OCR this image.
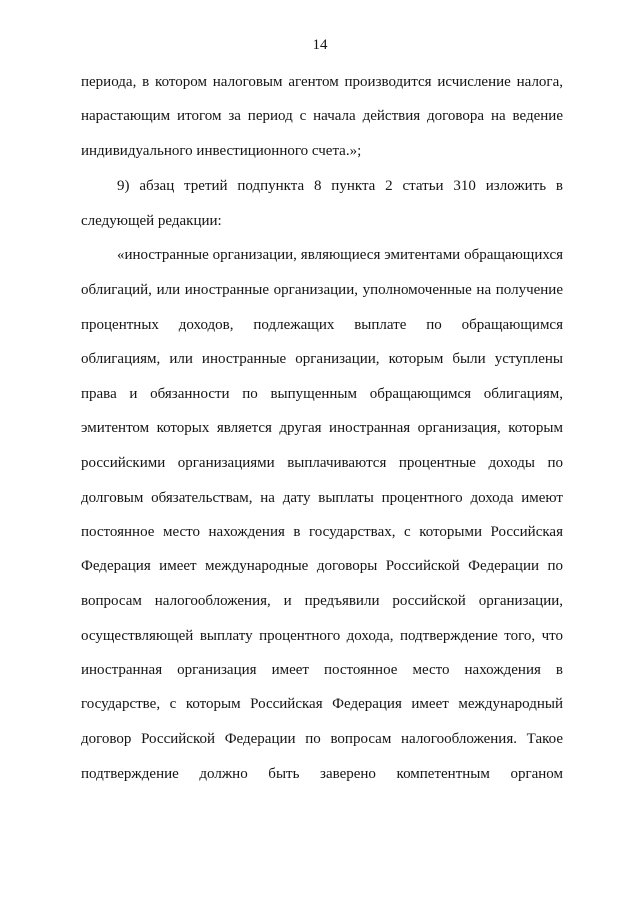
14
периода, в котором налоговым агентом производится исчисление налога,
нарастающим итогом за период с начала действия договора на ведение
индивидуального инвестиционного счета.»;
9) абзац третий подпункта 8 пункта 2 статьи 310 изложить в
следующей редакции:
«иностранные организации, являющиеся эмитентами обращающихся
облигаций, или иностранные организации, уполномоченные на получение
процентных доходов, подлежащих выплате по обращающимся
облигациям, или иностранные организации, которым были уступлены
права и обязанности по выпущенным обращающимся облигациям,
эмитентом которых является другая иностранная организация, которым
российскими организациями выплачиваются процентные доходы по
долговым обязательствам, на дату выплаты процентного дохода имеют
постоянное место нахождения в государствах, с которыми Российская
Федерация имеет международные договоры Российской Федерации по
вопросам налогообложения, и предъявили российской организации,
осуществляющей выплату процентного дохода, подтверждение того, что
иностранная организация имеет постоянное место нахождения в
государстве, с которым Российская Федерация имеет международный
договор Российской Федерации по вопросам налогообложения. Такое
подтверждение должно быть заверено компетентным органом
